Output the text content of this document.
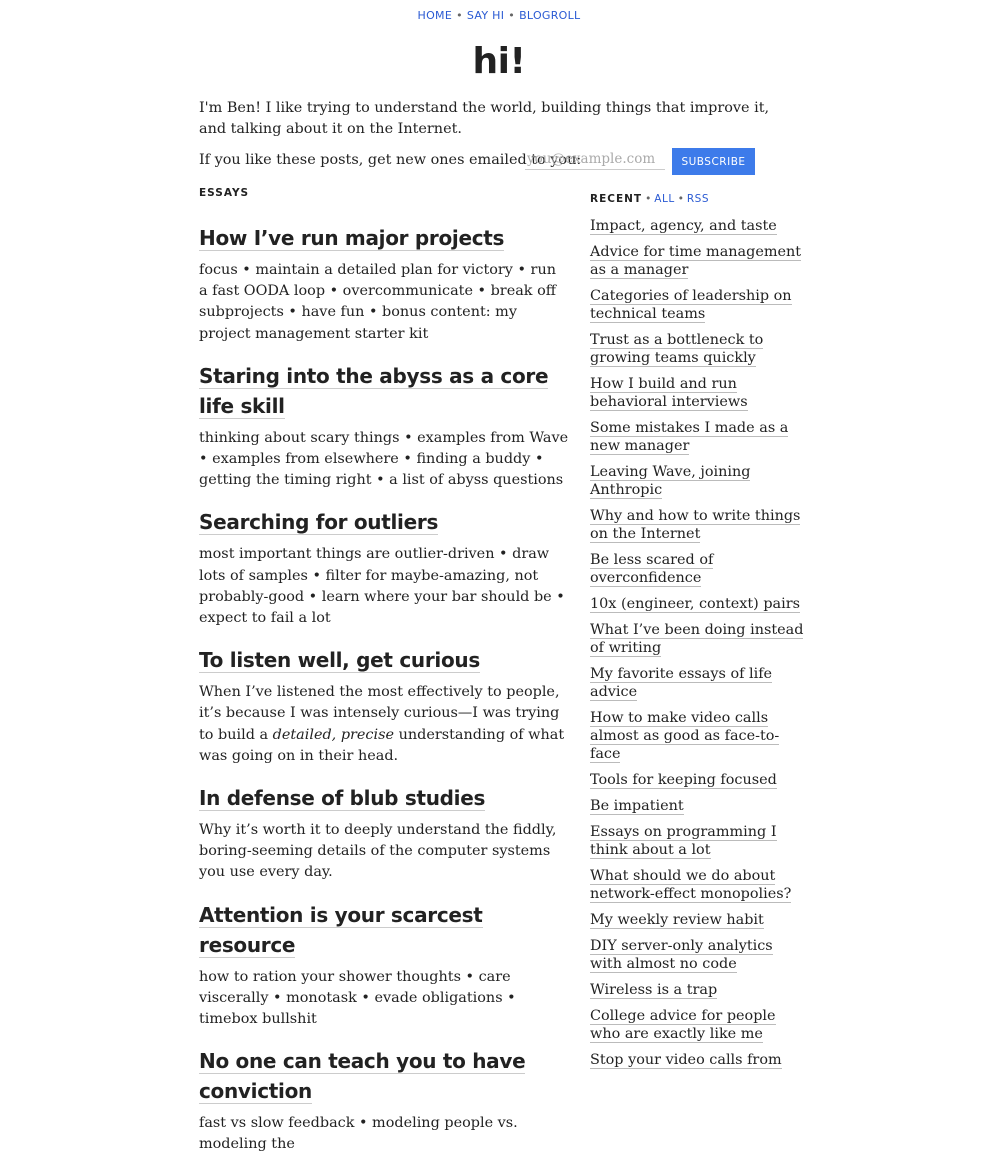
HOME • SAY HI • BLOGROLL
hi!

I'm Ben! I like trying to understand the world, building things that improve it, and talking about it on the Internet.

If you like these posts, get new ones emailed to you:
you@example.com	SUBSCRIBE
ESSAYS
How I’ve run major projects

focus • maintain a detailed plan for victory • run a fast OODA loop • overcommunicate • break off subprojects • have fun • bonus content: my project management starter kit

Staring into the abyss as a core life skill

thinking about scary things • examples from Wave • examples from elsewhere • finding a buddy • getting the timing right • a list of abyss questions

Searching for outliers

most important things are outlier-driven • draw lots of samples • filter for maybe-amazing, not probably-good • learn where your bar should be • expect to fail a lot

To listen well, get curious

When I’ve listened the most effectively to people, it’s because I was intensely curious—I was trying to build a detailed, precise understanding of what was going on in their head.

In defense of blub studies

Why it’s worth it to deeply understand the fiddly, boring-seeming details of the computer systems you use every day.

Attention is your scarcest resource

how to ration your shower thoughts • care viscerally • monotask • evade obligations • timebox bullshit

No one can teach you to have conviction

fast vs slow feedback • modeling people vs. modeling the

RECENT • ALL • RSS
Impact, agency, and taste
Advice for time management as a manager
Categories of leadership on technical teams
Trust as a bottleneck to growing teams quickly
How I build and run behavioral interviews
Some mistakes I made as a new manager
Leaving Wave, joining Anthropic
Why and how to write things on the Internet
Be less scared of overconfidence
10x (engineer, context) pairs
What I’ve been doing instead of writing
My favorite essays of life advice
How to make video calls almost as good as face-to-face
Tools for keeping focused
Be impatient
Essays on programming I think about a lot
What should we do about network-effect monopolies?
My weekly review habit
DIY server-only analytics with almost no code
Wireless is a trap
College advice for people who are exactly like me
Stop your video calls from
